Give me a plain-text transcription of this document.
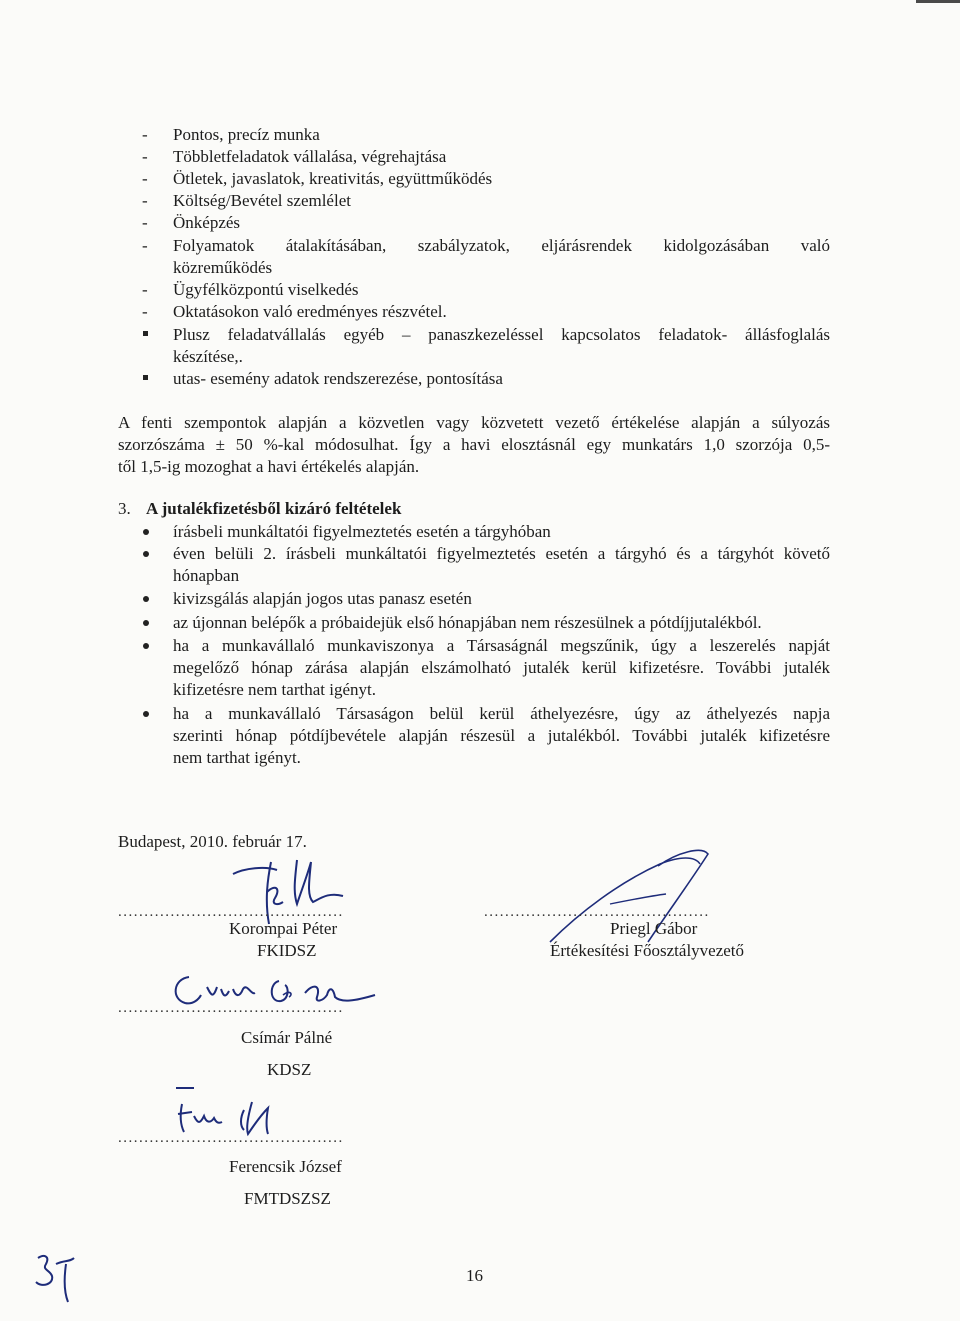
- Pontos, precíz munka
- Többletfeladatok vállalása, végrehajtása
- Ötletek, javaslatok, kreativitás, együttműködés
- Költség/Bevétel szemlélet
- Önképzés
- Folyamatok átalakításában, szabályzatok, eljárásrendek kidolgozásában való
közreműködés
- Ügyfélközpontú viselkedés
- Oktatásokon való eredményes részvétel.
Plusz feladatvállalás egyéb – panaszkezeléssel kapcsolatos feladatok- állásfoglalás
készítése,.
utas- esemény adatok rendszerezése, pontosítása
A fenti szempontok alapján a közvetlen vagy közvetett vezető értékelése alapján a súlyozás
szorzószáma ± 50 %-kal módosulhat. Így a havi elosztásnál egy munkatárs 1,0 szorzója 0,5-
től 1,5-ig mozoghat a havi értékelés alapján.
3. A jutalékfizetésből kizáró feltételek
írásbeli munkáltatói figyelmeztetés esetén a tárgyhóban
éven belüli 2. írásbeli munkáltatói figyelmeztetés esetén a tárgyhó és a tárgyhót követő
hónapban
kivizsgálás alapján jogos utas panasz esetén
az újonnan belépők a próbaidejük első hónapjában nem részesülnek a pótdíjjutalékból.
ha a munkavállaló munkaviszonya a Társaságnál megszűnik, úgy a leszerelés napját
megelőző hónap zárása alapján elszámolható jutalék kerül kifizetésre. További jutalék
kifizetésre nem tarthat igényt.
ha a munkavállaló Társaságon belül kerül áthelyezésre, úgy az áthelyezés napja
szerinti hónap pótdíjbevétele alapján részesül a jutalékból. További jutalék kifizetésre
nem tarthat igényt.
Budapest, 2010. február 17.
...........................................
Korompai Péter
FKIDSZ
...........................................
Priegl Gábor
Értékesítési Főosztályvezető
...........................................
Csímár Pálné
KDSZ
...........................................
Ferencsik József
FMTDSZSZ
16
